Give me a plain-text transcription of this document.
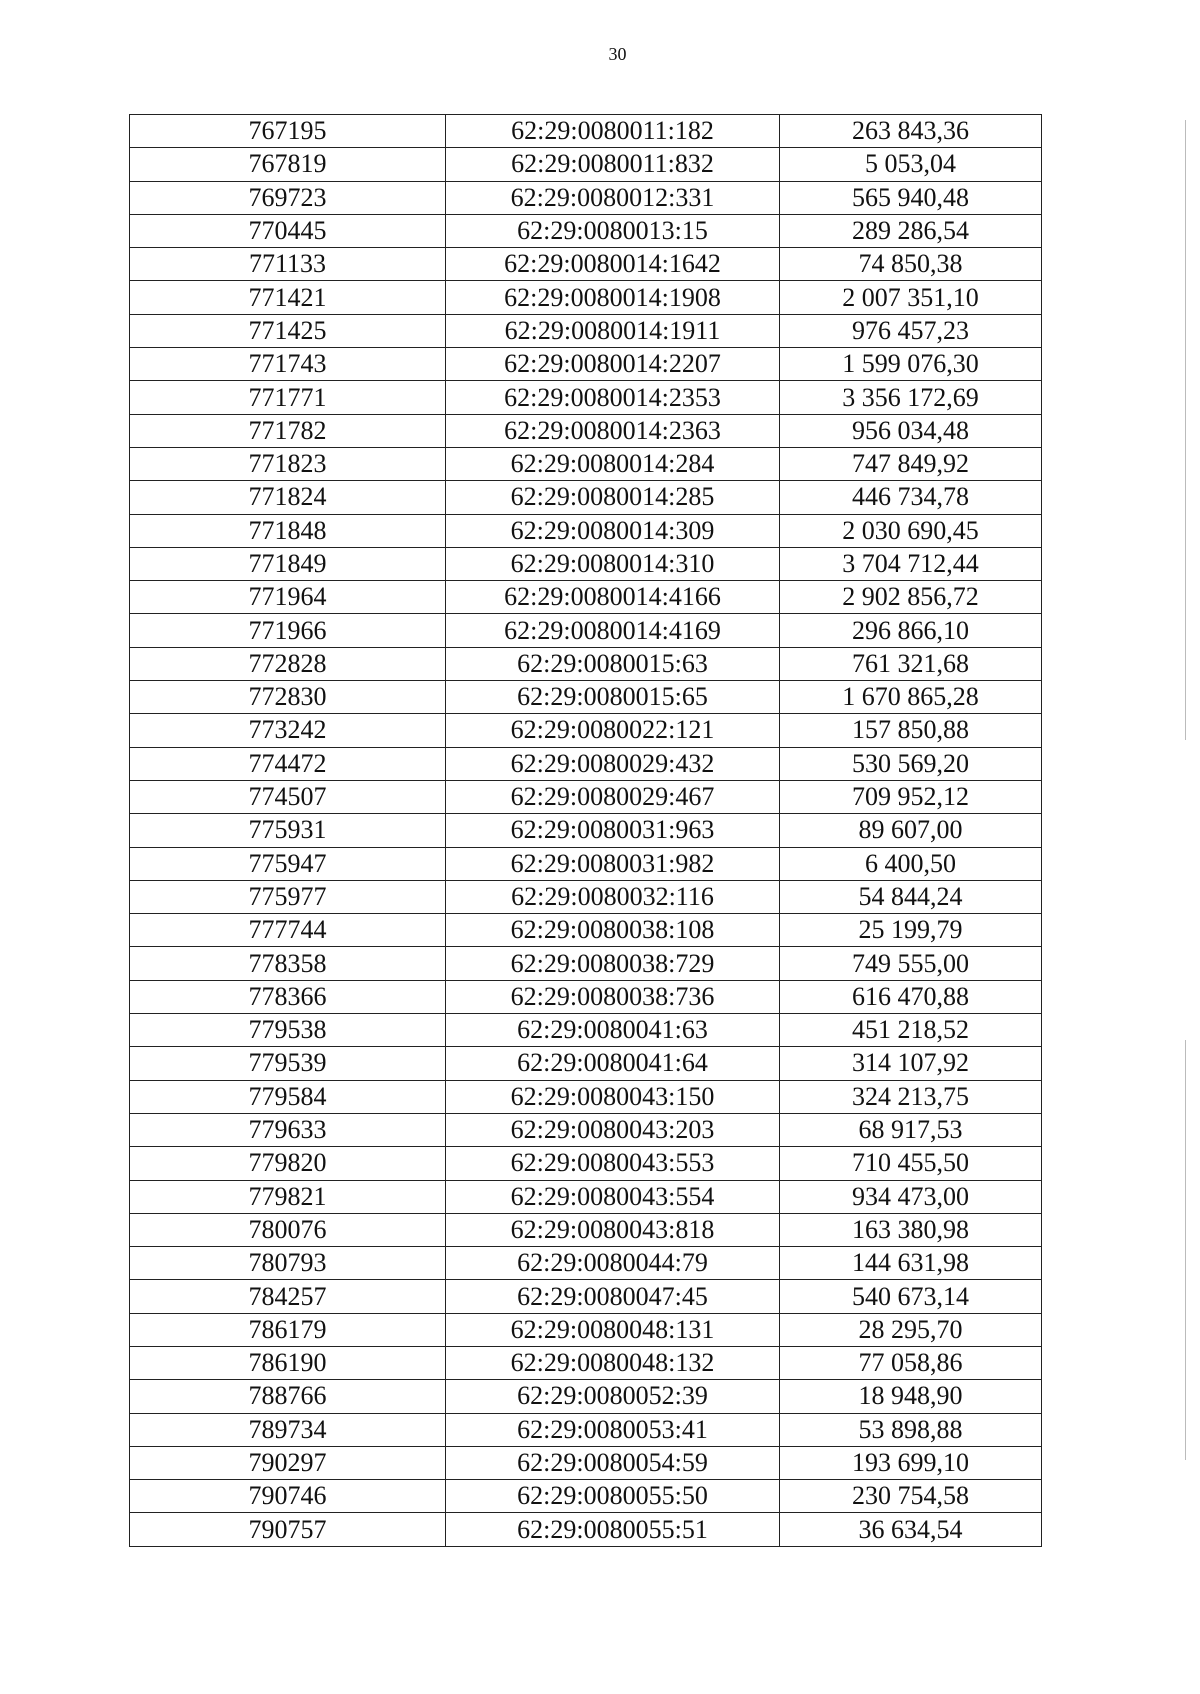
30
767195	62:29:0080011:182	263 843,36
767819	62:29:0080011:832	5 053,04
769723	62:29:0080012:331	565 940,48
770445	62:29:0080013:15	289 286,54
771133	62:29:0080014:1642	74 850,38
771421	62:29:0080014:1908	2 007 351,10
771425	62:29:0080014:1911	976 457,23
771743	62:29:0080014:2207	1 599 076,30
771771	62:29:0080014:2353	3 356 172,69
771782	62:29:0080014:2363	956 034,48
771823	62:29:0080014:284	747 849,92
771824	62:29:0080014:285	446 734,78
771848	62:29:0080014:309	2 030 690,45
771849	62:29:0080014:310	3 704 712,44
771964	62:29:0080014:4166	2 902 856,72
771966	62:29:0080014:4169	296 866,10
772828	62:29:0080015:63	761 321,68
772830	62:29:0080015:65	1 670 865,28
773242	62:29:0080022:121	157 850,88
774472	62:29:0080029:432	530 569,20
774507	62:29:0080029:467	709 952,12
775931	62:29:0080031:963	89 607,00
775947	62:29:0080031:982	6 400,50
775977	62:29:0080032:116	54 844,24
777744	62:29:0080038:108	25 199,79
778358	62:29:0080038:729	749 555,00
778366	62:29:0080038:736	616 470,88
779538	62:29:0080041:63	451 218,52
779539	62:29:0080041:64	314 107,92
779584	62:29:0080043:150	324 213,75
779633	62:29:0080043:203	68 917,53
779820	62:29:0080043:553	710 455,50
779821	62:29:0080043:554	934 473,00
780076	62:29:0080043:818	163 380,98
780793	62:29:0080044:79	144 631,98
784257	62:29:0080047:45	540 673,14
786179	62:29:0080048:131	28 295,70
786190	62:29:0080048:132	77 058,86
788766	62:29:0080052:39	18 948,90
789734	62:29:0080053:41	53 898,88
790297	62:29:0080054:59	193 699,10
790746	62:29:0080055:50	230 754,58
790757	62:29:0080055:51	36 634,54
